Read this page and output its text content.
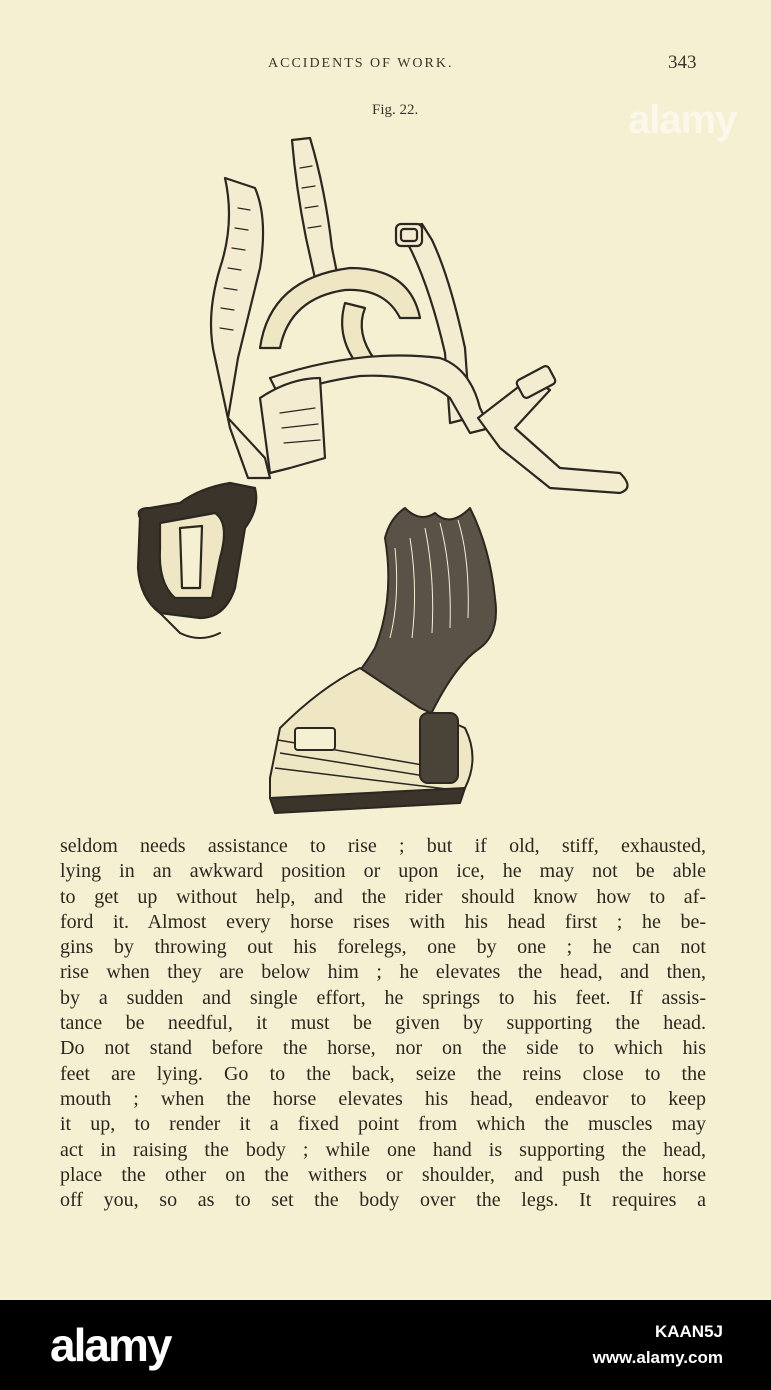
ACCIDENTS OF WORK.	343
Fig. 22.	alamy
seldom needs assistance to rise ; but if old, stiff, exhausted,
lying in an awkward position or upon ice, he may not be able
to get up without help, and the rider should know how to af-
ford it. Almost every horse rises with his head first ; he be-
gins by throwing out his forelegs, one by one ; he can not
rise when they are below him ; he elevates the head, and then,
by a sudden and single effort, he springs to his feet. If assis-
tance be needful, it must be given by supporting the head.
Do not stand before the horse, nor on the side to which his
feet are lying. Go to the back, seize the reins close to the
mouth ; when the horse elevates his head, endeavor to keep
it up, to render it a fixed point from which the muscles may
act in raising the body ; while one hand is supporting the head,
place the other on the withers or shoulder, and push the horse
off you, so as to set the body over the legs. It requires a
alamy	KAAN5J
www.alamy.com
